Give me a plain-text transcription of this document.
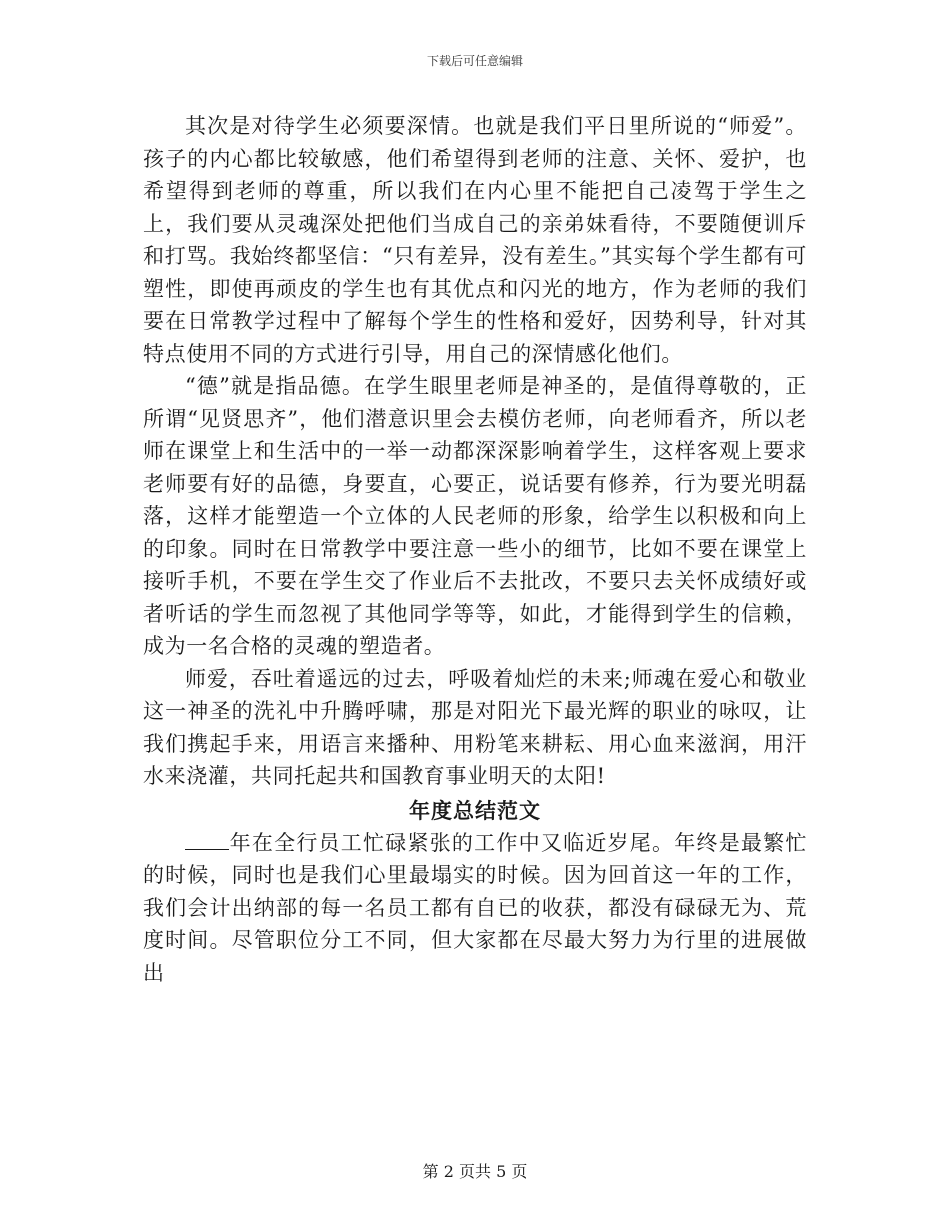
下载后可任意编辑

其次是对待学生必须要深情。也就是我们平日里所说的“师爱”。孩子的内心都比较敏感，他们希望得到老师的注意、关怀、爱护，也希望得到老师的尊重，所以我们在内心里不能把自己凌驾于学生之上，我们要从灵魂深处把他们当成自己的亲弟妹看待，不要随便训斥和打骂。我始终都坚信：“只有差异，没有差生。”其实每个学生都有可塑性，即使再顽皮的学生也有其优点和闪光的地方，作为老师的我们要在日常教学过程中了解每个学生的性格和爱好，因势利导，针对其特点使用不同的方式进行引导，用自己的深情感化他们。

“德”就是指品德。在学生眼里老师是神圣的，是值得尊敬的，正所谓“见贤思齐”，他们潜意识里会去模仿老师，向老师看齐，所以老师在课堂上和生活中的一举一动都深深影响着学生，这样客观上要求老师要有好的品德，身要直，心要正，说话要有修养，行为要光明磊落，这样才能塑造一个立体的人民老师的形象，给学生以积极和向上的印象。同时在日常教学中要注意一些小的细节，比如不要在课堂上接听手机，不要在学生交了作业后不去批改，不要只去关怀成绩好或者听话的学生而忽视了其他同学等等，如此，才能得到学生的信赖，成为一名合格的灵魂的塑造者。

师爱，吞吐着遥远的过去，呼吸着灿烂的未来;师魂在爱心和敬业这一神圣的洗礼中升腾呼啸，那是对阳光下最光辉的职业的咏叹，让我们携起手来，用语言来播种、用粉笔来耕耘、用心血来滋润，用汗水来浇灌，共同托起共和国教育事业明天的太阳!

年度总结范文

年在全行员工忙碌紧张的工作中又临近岁尾。年终是最繁忙的时候，同时也是我们心里最塌实的时候。因为回首这一年的工作，我们会计出纳部的每一名员工都有自已的收获，都没有碌碌无为、荒度时间。尽管职位分工不同，但大家都在尽最大努力为行里的进展做出

第 2 页共 5 页
